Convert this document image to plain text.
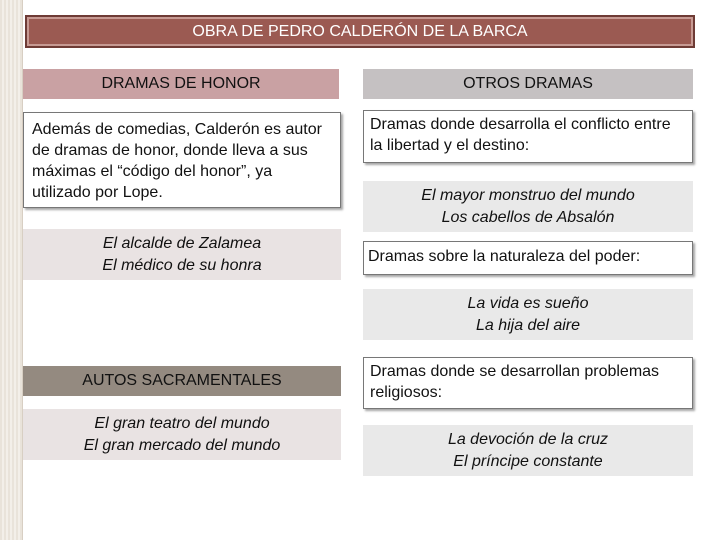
OBRA DE PEDRO CALDERÓN DE LA BARCA
DRAMAS DE HONOR	OTROS DRAMAS
Además de comedias, Calderón es autor de dramas de honor, donde lleva a sus máximas el “código del honor”, ya utilizado por Lope.
El alcalde de Zalamea
El médico de su honra
Dramas donde desarrolla el conflicto entre la libertad y el destino:
El mayor monstruo del mundo
Los cabellos de Absalón
Dramas sobre la naturaleza del poder:
La vida es sueño
La hija del aire
AUTOS SACRAMENTALES
El gran teatro del mundo
El gran mercado del mundo
Dramas donde se desarrollan problemas religiosos:
La devoción de la cruz
El príncipe constante
